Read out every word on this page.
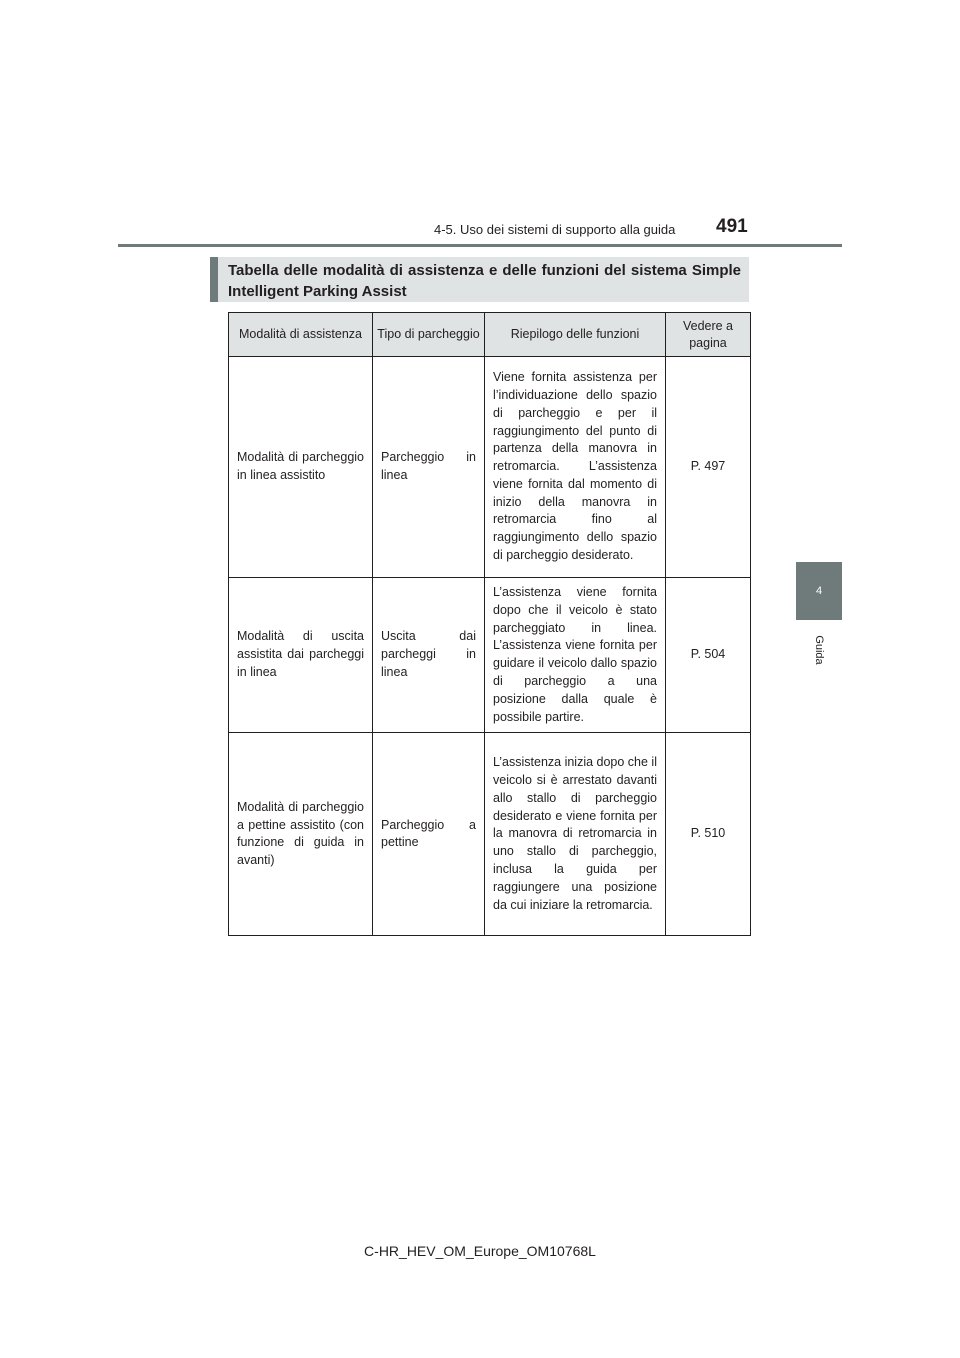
4-5. Uso dei sistemi di supporto alla guida 491
4
Guida
Tabella delle modalità di assistenza e delle funzioni del sistema Simple Intelligent Parking Assist
Modalità di assistenza	Tipo di parcheggio	Riepilogo delle funzioni	Vedere a pagina
Modalità di parcheggio in linea assistito	Parcheggio in linea	Viene fornita assistenza per l’individuazione dello spazio di parcheggio e per il raggiungimento del punto di partenza della manovra in retromarcia. L’assistenza viene fornita dal momento di inizio della manovra in retromarcia fino al raggiungimento dello spazio di parcheggio desiderato.	P. 497
Modalità di uscita assistita dai parcheggi in linea	Uscita dai parcheggi in linea	L’assistenza viene fornita dopo che il veicolo è stato parcheggiato in linea. L’assistenza viene fornita per guidare il veicolo dallo spazio di parcheggio a una posizione dalla quale è possibile partire.	P. 504
Modalità di parcheggio a pettine assistito (con funzione di guida in avanti)	Parcheggio a pettine	L’assistenza inizia dopo che il veicolo si è arrestato davanti allo stallo di parcheggio desiderato e viene fornita per la manovra di retromarcia in uno stallo di parcheggio, inclusa la guida per raggiungere una posizione da cui iniziare la retromarcia.	P. 510
C-HR_HEV_OM_Europe_OM10768L
